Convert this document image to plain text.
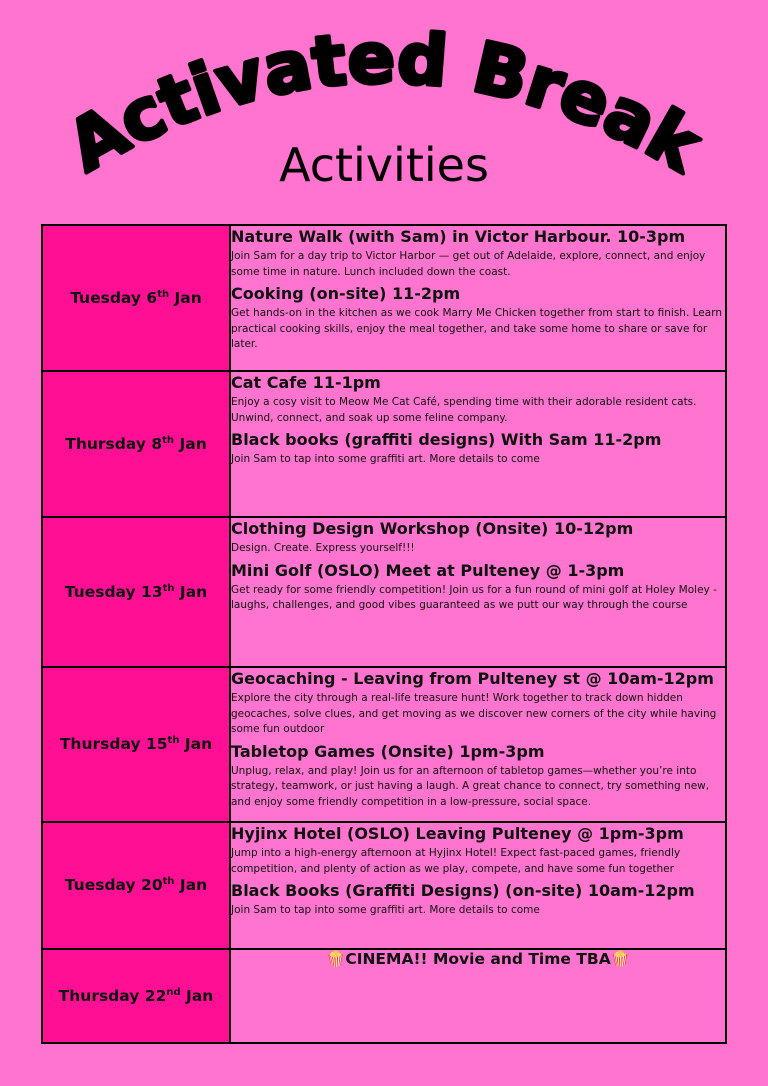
Activated Break
Activities
Tuesday 6th Jan	Nature Walk (with Sam) in Victor Harbour. 10-3pm

Join Sam for a day trip to Victor Harbor — get out of Adelaide, explore, connect, and enjoy some time in nature. Lunch included down the coast.

Cooking (on-site) 11-2pm

Get hands-on in the kitchen as we cook Marry Me Chicken together from start to finish. Learn practical cooking skills, enjoy the meal together, and take some home to share or save for later.

Thursday 8th Jan	Cat Cafe 11-1pm

Enjoy a cosy visit to Meow Me Cat Café, spending time with their adorable resident cats. Unwind, connect, and soak up some feline company.

Black books (graffiti designs) With Sam 11-2pm

Join Sam to tap into some graffiti art. More details to come

Tuesday 13th Jan	Clothing Design Workshop (Onsite) 10-12pm

Design. Create. Express yourself!!!

Mini Golf (OSLO) Meet at Pulteney @ 1-3pm

Get ready for some friendly competition! Join us for a fun round of mini golf at Holey Moley - laughs, challenges, and good vibes guaranteed as we putt our way through the course

Thursday 15th Jan	Geocaching - Leaving from Pulteney st @ 10am-12pm

Explore the city through a real-life treasure hunt! Work together to track down hidden geocaches, solve clues, and get moving as we discover new corners of the city while having some fun outdoor

Tabletop Games (Onsite) 1pm-3pm

Unplug, relax, and play! Join us for an afternoon of tabletop games—whether you’re into strategy, teamwork, or just having a laugh. A great chance to connect, try something new, and enjoy some friendly competition in a low-pressure, social space.

Tuesday 20th Jan	Hyjinx Hotel (OSLO) Leaving Pulteney @ 1pm-3pm

Jump into a high-energy afternoon at Hyjinx Hotel! Expect fast-paced games, friendly competition, and plenty of action as we play, compete, and have some fun together

Black Books (Graffiti Designs) (on-site) 10am-12pm

Join Sam to tap into some graffiti art. More details to come

Thursday 22nd Jan	🍿CINEMA!! Movie and Time TBA🍿
